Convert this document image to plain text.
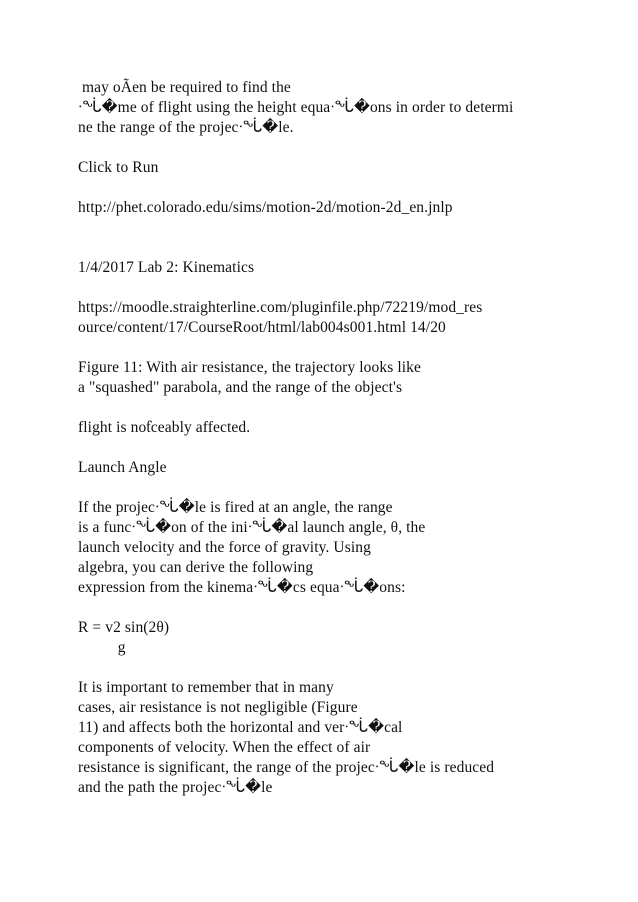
may oÃen be required to find the
ᐧᖔ�me of flight using the height equaᐧᖔ�ons in order to determi
ne the range of the projecᐧᖔ�le.
Click to Run
http://phet.colorado.edu/sims/motion-2d/motion-2d_en.jnlp
1/4/2017 Lab 2: Kinematics
https://moodle.straighterline.com/pluginfile.php/72219/mod_res
ource/content/17/CourseRoot/html/lab004s001.html 14/20
Figure 11: With air resistance, the trajectory looks like
a "squashed" parabola, and the range of the object's
flight is noƭceably affected.
Launch Angle
If the projecᐧᖔ�le is fired at an angle, the range
is a funcᐧᖔ�on of the iniᐧᖔ�al launch angle, θ, the
launch velocity and the force of gravity. Using
algebra, you can derive the following
expression from the kinemaᐧᖔ�cs equaᐧᖔ�ons:
R = v2 sin(2θ)
g
It is important to remember that in many
cases, air resistance is not negligible (Figure
11) and affects both the horizontal and verᐧᖔ�cal
components of velocity. When the effect of air
resistance is significant, the range of the projecᐧᖔ�le is reduced
and the path the projecᐧᖔ�le
